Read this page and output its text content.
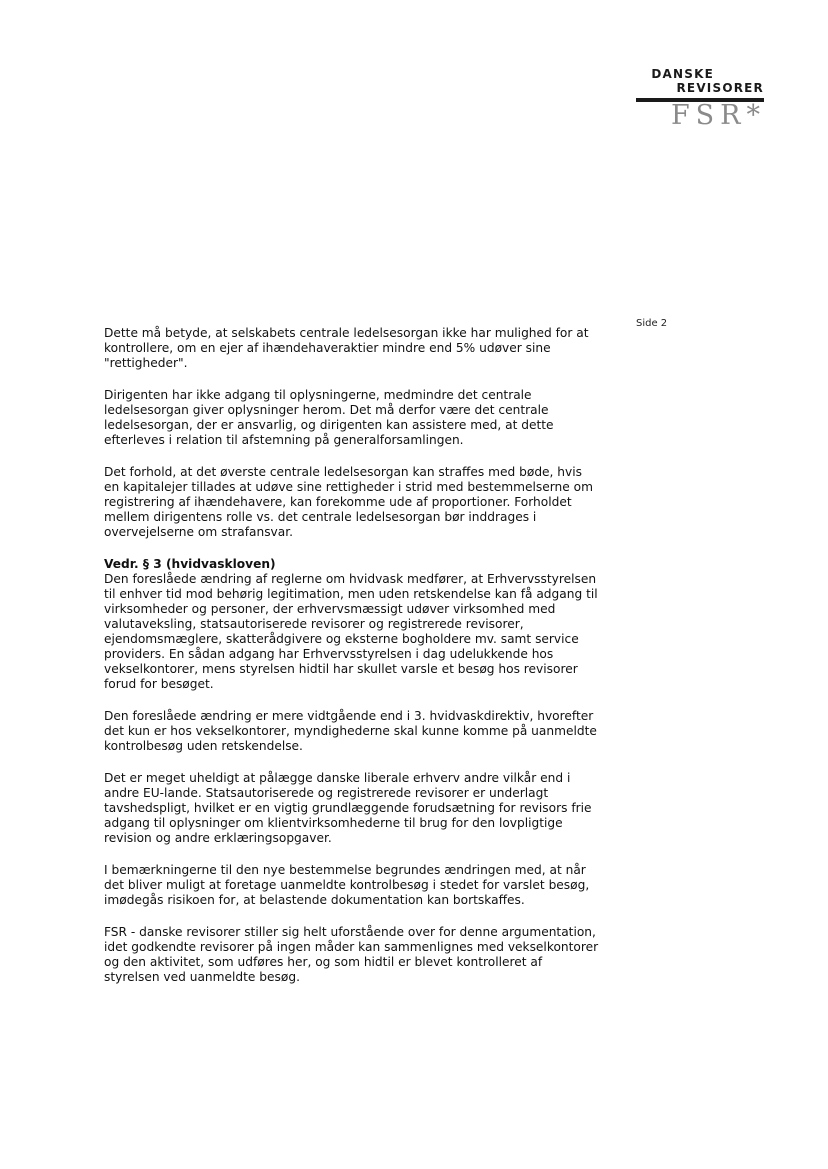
DANSKE
REVISORER
FSR*
Side 2

Dette må betyde, at selskabets centrale ledelsesorgan ikke har mulighed for at kontrollere, om en ejer af ihændehaveraktier mindre end 5% udøver sine "rettigheder".

Dirigenten har ikke adgang til oplysningerne, medmindre det centrale ledelsesorgan giver oplysninger herom. Det må derfor være det centrale ledelsesorgan, der er ansvarlig, og dirigenten kan assistere med, at dette efterleves i relation til afstemning på generalforsamlingen.

Det forhold, at det øverste centrale ledelsesorgan kan straffes med bøde, hvis en kapitalejer tillades at udøve sine rettigheder i strid med bestemmelserne om registrering af ihændehavere, kan forekomme ude af proportioner. Forholdet mellem dirigentens rolle vs. det centrale ledelsesorgan bør inddrages i overvejelserne om strafansvar.

Vedr. § 3 (hvidvaskloven)

Den foreslåede ændring af reglerne om hvidvask medfører, at Erhvervsstyrelsen til enhver tid mod behørig legitimation, men uden retskendelse kan få adgang til virksomheder og personer, der erhvervsmæssigt udøver virksomhed med valutaveksling, statsautoriserede revisorer og registrerede revisorer, ejendomsmæglere, skatterådgivere og eksterne bogholdere mv. samt service providers. En sådan adgang har Erhvervsstyrelsen i dag udelukkende hos vekselkontorer, mens styrelsen hidtil har skullet varsle et besøg hos revisorer forud for besøget.

Den foreslåede ændring er mere vidtgående end i 3. hvidvaskdirektiv, hvorefter det kun er hos vekselkontorer, myndighederne skal kunne komme på uanmeldte kontrolbesøg uden retskendelse.

Det er meget uheldigt at pålægge danske liberale erhverv andre vilkår end i andre EU-lande. Statsautoriserede og registrerede revisorer er underlagt tavshedspligt, hvilket er en vigtig grundlæggende forudsætning for revisors frie adgang til oplysninger om klientvirksomhederne til brug for den lovpligtige revision og andre erklæringsopgaver.

I bemærkningerne til den nye bestemmelse begrundes ændringen med, at når det bliver muligt at foretage uanmeldte kontrolbesøg i stedet for varslet besøg, imødegås risikoen for, at belastende dokumentation kan bortskaffes.

FSR - danske revisorer stiller sig helt uforstående over for denne argumentation, idet godkendte revisorer på ingen måder kan sammenlignes med vekselkontorer og den aktivitet, som udføres her, og som hidtil er blevet kontrolleret af styrelsen ved uanmeldte besøg.
